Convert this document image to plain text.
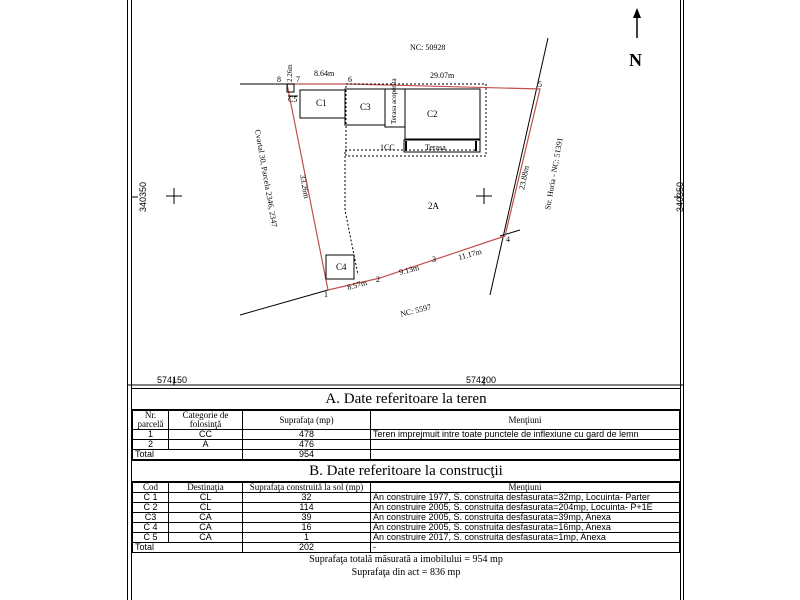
340350	340350
574150	574200
C1	C3	Terasa acoperita	C2
Terasa
1CC
C4
C5
2A
1
2
3
4
5
6
7
8 2.26m	8.64m	29.07m
23.88m
11.17m
9.13m
8.57m
33.26m
NC: 50928
NC: 5597
Str. Horia - NC: 51391
Cvartal 30, Parcela 2346, 2347
N
A. Date referitoare la teren
Nr. parcelă	Categorie de folosinţă	Suprafaţa (mp)	Menţiuni
1	CC	478	Teren imprejmuit intre toate punctele de inflexiune cu gard de lemn
2	A	476	
Total		954	
B. Date referitoare la construcţii
Cod	Destinaţia	Suprafaţa construită la sol (mp)	Menţiuni
C 1	CL	32	An construire 1977, S. construita desfasurata=32mp, Locuinta- Parter
C 2	CL	114	An construire 2005, S. construita desfasurata=204mp, Locuinta- P+1E
C3	CA	39	An construire 2005, S. construita desfasurata=39mp, Anexa
C 4	CA	16	An construire 2005, S. construita desfasurata=16mp, Anexa
C 5	CA	1	An construire 2017, S. construita desfasurata=1mp, Anexa
Total		202	-
Suprafaţa totală măsurată a imobilului = 954 mp
Suprafaţa din act = 836 mp
